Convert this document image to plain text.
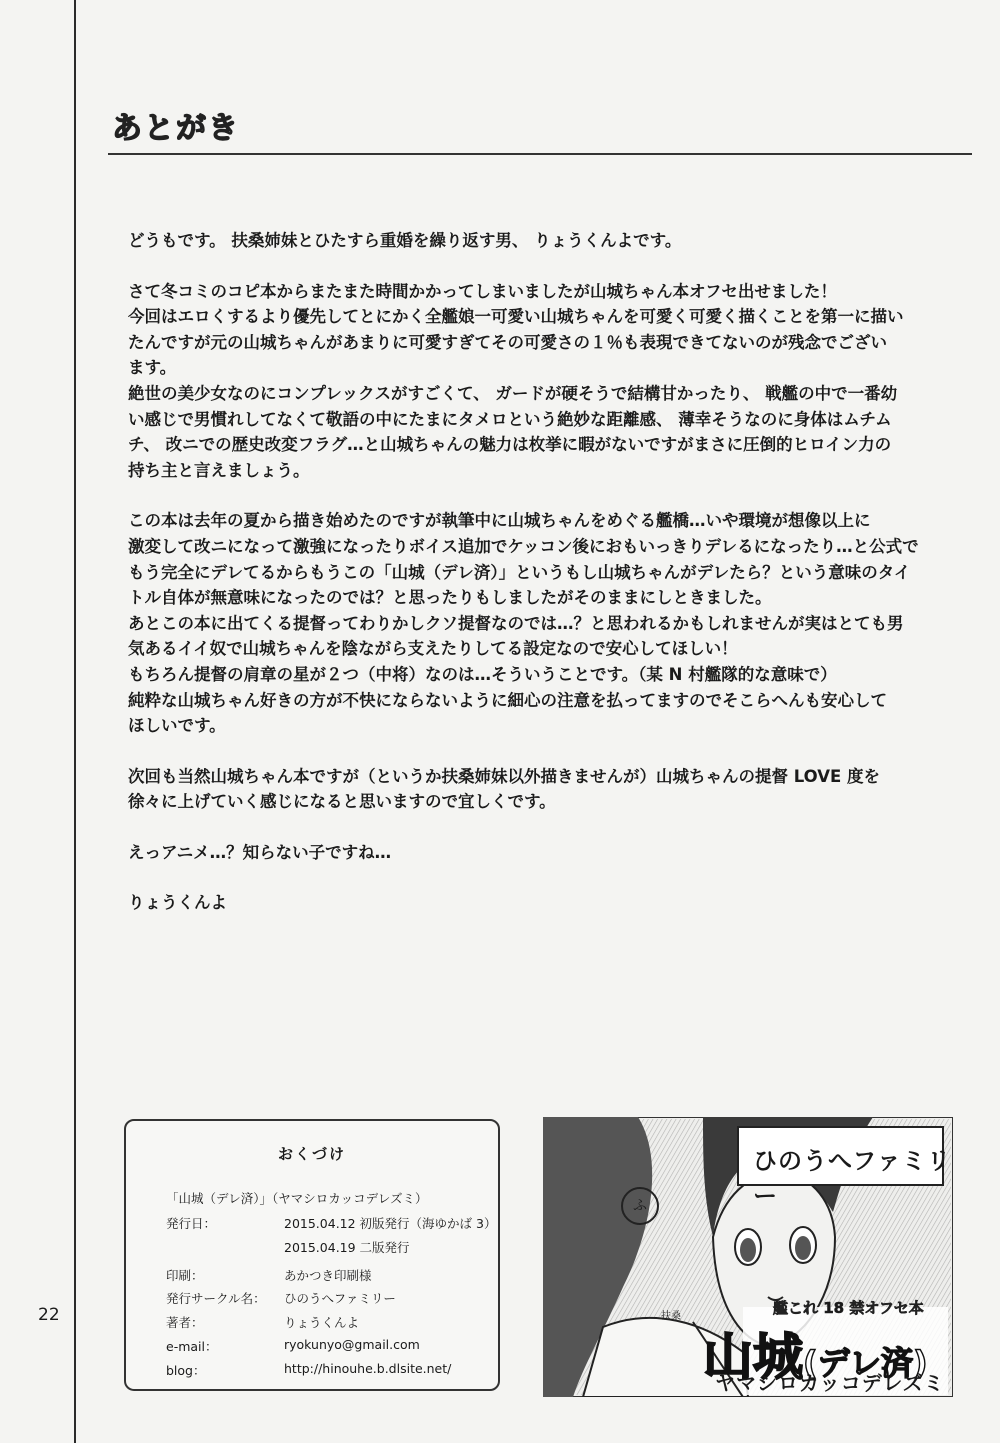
あとがき
どうもです。 扶桑姉妹とひたすら重婚を繰り返す男、 りょうくんよです。
さて冬コミのコピ本からまたまた時間かかってしまいましたが山城ちゃん本オフセ出せました！
今回はエロくするより優先してとにかく全艦娘一可愛い山城ちゃんを可愛く可愛く描くことを第一に描い
たんですが元の山城ちゃんがあまりに可愛すぎてその可愛さの１％も表現できてないのが残念でござい
ます。
絶世の美少女なのにコンプレックスがすごくて、 ガードが硬そうで結構甘かったり、 戦艦の中で一番幼
い感じで男慣れしてなくて敬語の中にたまにタメロという絶妙な距離感、 薄幸そうなのに身体はムチム
チ、 改ニでの歴史改変フラグ…と山城ちゃんの魅力は枚挙に暇がないですがまさに圧倒的ヒロイン力の
持ち主と言えましょう。
この本は去年の夏から描き始めたのですが執筆中に山城ちゃんをめぐる艦橋…いや環境が想像以上に
激変して改ニになって激強になったりボイス追加でケッコン後におもいっきりデレるになったり…と公式で
もう完全にデレてるからもうこの「山城（デレ済）」というもし山城ちゃんがデレたら？という意味のタイ
トル自体が無意味になったのでは？と思ったりもしましたがそのままにしときました。
あとこの本に出てくる提督ってわりかしクソ提督なのでは…？と思われるかもしれませんが実はとても男
気あるイイ奴で山城ちゃんを陰ながら支えたりしてる設定なので安心してほしい！
もちろん提督の肩章の星が２つ（中将）なのは…そういうことです。（某 N 村艦隊的な意味で）
純粋な山城ちゃん好きの方が不快にならないように細心の注意を払ってますのでそこらへんも安心して
ほしいです。
次回も当然山城ちゃん本ですが（というか扶桑姉妹以外描きませんが）山城ちゃんの提督 LOVE 度を
徐々に上げていく感じになると思いますので宜しくです。
えっアニメ…？知らない子ですね…
りょうくんよ
おくづけ
「山城（デレ済）」（ヤマシロカッコデレズミ）
発行日：	2015.04.12 初版発行（海ゆかば 3）
2015.04.19 二版発行
印刷：	あかつき印刷様
発行サークル名： ひのうへファミリー
著者：	りょうくんよ
e-mail：	ryokunyo@gmail.com
blog：	http://hinouhe.b.dlsite.net/
22
ふ
扶桑
ひのうへファミリー
艦これ 18 禁オフセ本
山城(デレ済)
ヤマシロカッコデレズミ
